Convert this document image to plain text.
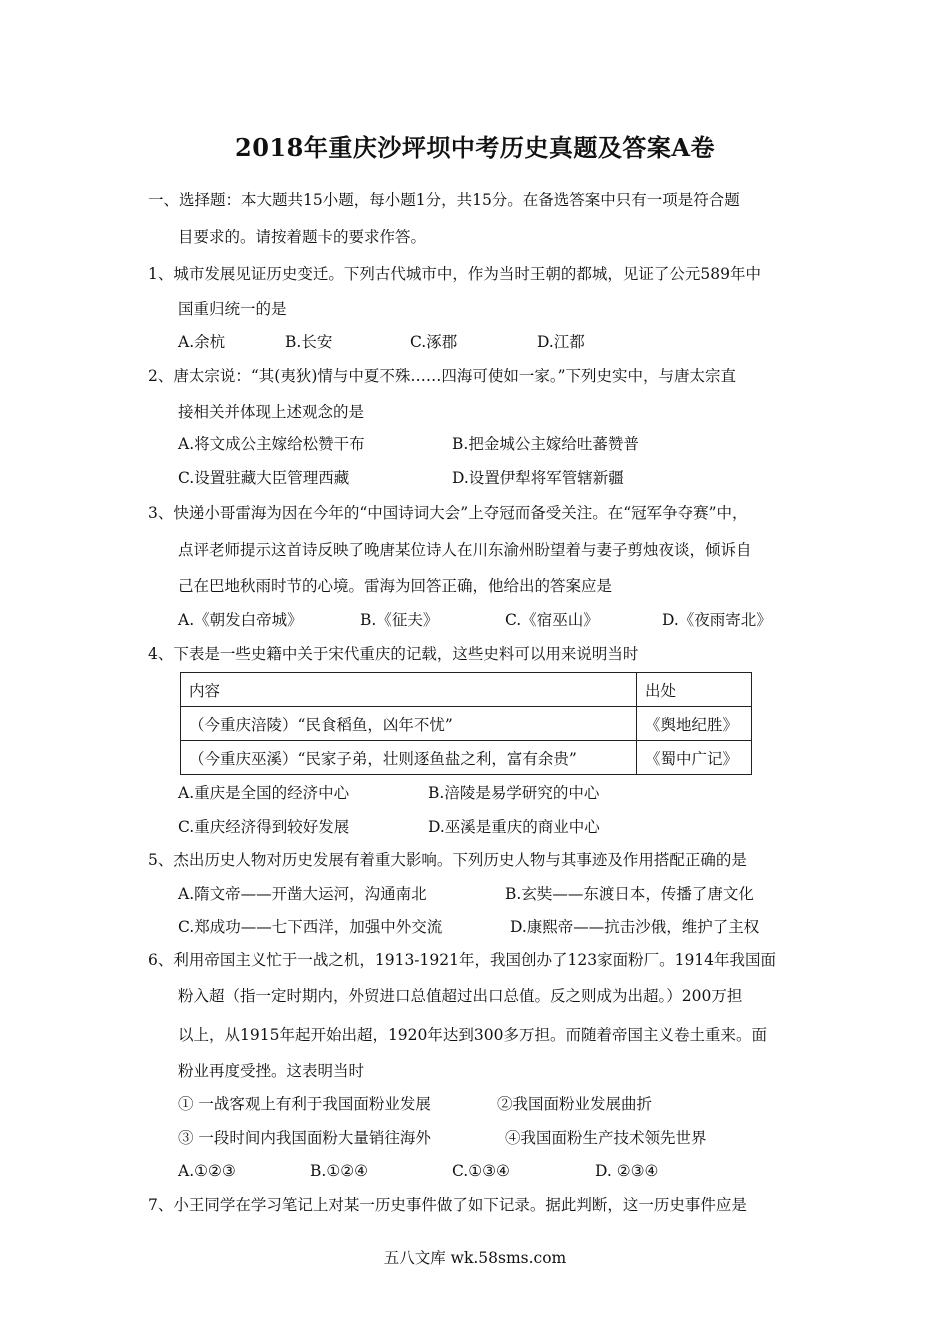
2018年重庆沙坪坝中考历史真题及答案A卷
一、选择题：本大题共15小题，每小题1分，共15分。在备选答案中只有一项是符合题
目要求的。请按着题卡的要求作答。
1、城市发展见证历史变迁。下列古代城市中，作为当时王朝的都城，见证了公元589年中
国重归统一的是
A.余杭	B.长安	C.涿郡	D.江都
2、唐太宗说：“其(夷狄)情与中夏不殊……四海可使如一家。”下列史实中，与唐太宗直
接相关并体现上述观念的是
A.将文成公主嫁给松赞干布	B.把金城公主嫁给吐蕃赞普
C.设置驻藏大臣管理西藏	D.设置伊犁将军管辖新疆
3、快递小哥雷海为因在今年的“中国诗词大会”上夺冠而备受关注。在“冠军争夺赛”中，
点评老师提示这首诗反映了晚唐某位诗人在川东渝州盼望着与妻子剪烛夜谈，倾诉自
己在巴地秋雨时节的心境。雷海为回答正确，他给出的答案应是
A.《朝发白帝城》	B.《征夫》	C.《宿巫山》	D.《夜雨寄北》
4、下表是一些史籍中关于宋代重庆的记载，这些史料可以用来说明当时
内容	出处
（今重庆涪陵）“民食稻鱼，凶年不忧”	《舆地纪胜》
（今重庆巫溪）“民家子弟，壮则逐鱼盐之利，富有余贵”	《蜀中广记》
A.重庆是全国的经济中心	B.涪陵是易学研究的中心
C.重庆经济得到较好发展	D.巫溪是重庆的商业中心
5、杰出历史人物对历史发展有着重大影响。下列历史人物与其事迹及作用搭配正确的是
A.隋文帝——开凿大运河，沟通南北	B.玄奘——东渡日本，传播了唐文化
C.郑成功——七下西洋，加强中外交流	D.康熙帝——抗击沙俄，维护了主权
6、利用帝国主义忙于一战之机，1913-1921年，我国创办了123家面粉厂。1914年我国面
粉入超（指一定时期内，外贸进口总值超过出口总值。反之则成为出超。）200万担
以上，从1915年起开始出超，1920年达到300多万担。而随着帝国主义卷土重来。面
粉业再度受挫。这表明当时
① 一战客观上有利于我国面粉业发展	②我国面粉业发展曲折
③ 一段时间内我国面粉大量销往海外	④我国面粉生产技术领先世界
A.①②③	B.①②④	C.①③④	D. ②③④
7、小王同学在学习笔记上对某一历史事件做了如下记录。据此判断，这一历史事件应是
五八文库 wk.58sms.com
